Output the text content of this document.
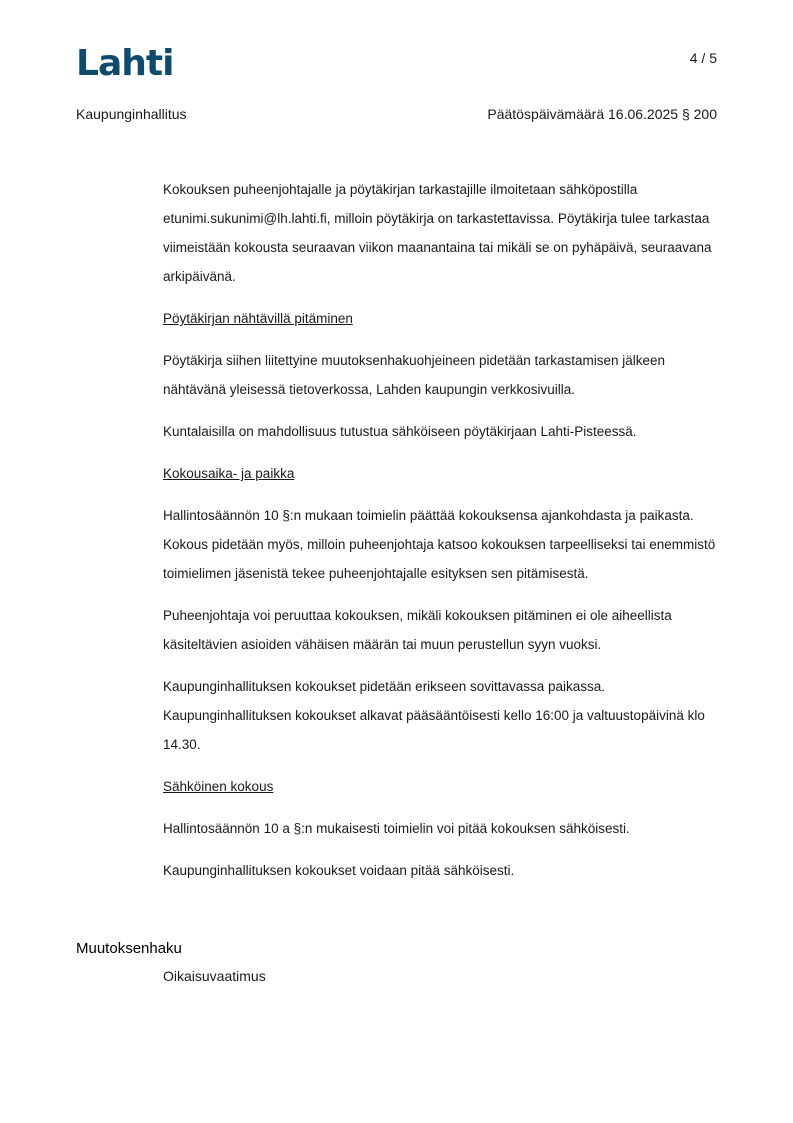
Lahti	4 / 5
Kaupunginhallitus	Päätöspäivämäärä 16.06.2025 § 200

Kokouksen puheenjohtajalle ja pöytäkirjan tarkastajille ilmoitetaan sähköpostilla etunimi.sukunimi@lh.lahti.fi, milloin pöytäkirja on tarkastettavissa. Pöytäkirja tulee tarkastaa viimeistään kokousta seuraavan viikon maanantaina tai mikäli se on pyhäpäivä, seuraavana arkipäivänä.

Pöytäkirjan nähtävillä pitäminen

Pöytäkirja siihen liitettyine muutoksenhakuohjeineen pidetään tarkastamisen jälkeen nähtävänä yleisessä tietoverkossa, Lahden kaupungin verkkosivuilla.

Kuntalaisilla on mahdollisuus tutustua sähköiseen pöytäkirjaan Lahti-Pisteessä.

Kokousaika- ja paikka

Hallintosäännön 10 §:n mukaan toimielin päättää kokouksensa ajankohdasta ja paikasta. Kokous pidetään myös, milloin puheenjohtaja katsoo kokouksen tarpeelliseksi tai enemmistö toimielimen jäsenistä tekee puheenjohtajalle esityksen sen pitämisestä.

Puheenjohtaja voi peruuttaa kokouksen, mikäli kokouksen pitäminen ei ole aiheellista käsiteltävien asioiden vähäisen määrän tai muun perustellun syyn vuoksi.

Kaupunginhallituksen kokoukset pidetään erikseen sovittavassa paikassa. Kaupunginhallituksen kokoukset alkavat pääsääntöisesti kello 16:00 ja valtuustopäivinä klo 14.30.

Sähköinen kokous

Hallintosäännön 10 a §:n mukaisesti toimielin voi pitää kokouksen sähköisesti.

Kaupunginhallituksen kokoukset voidaan pitää sähköisesti.

Muutoksenhaku
Oikaisuvaatimus
